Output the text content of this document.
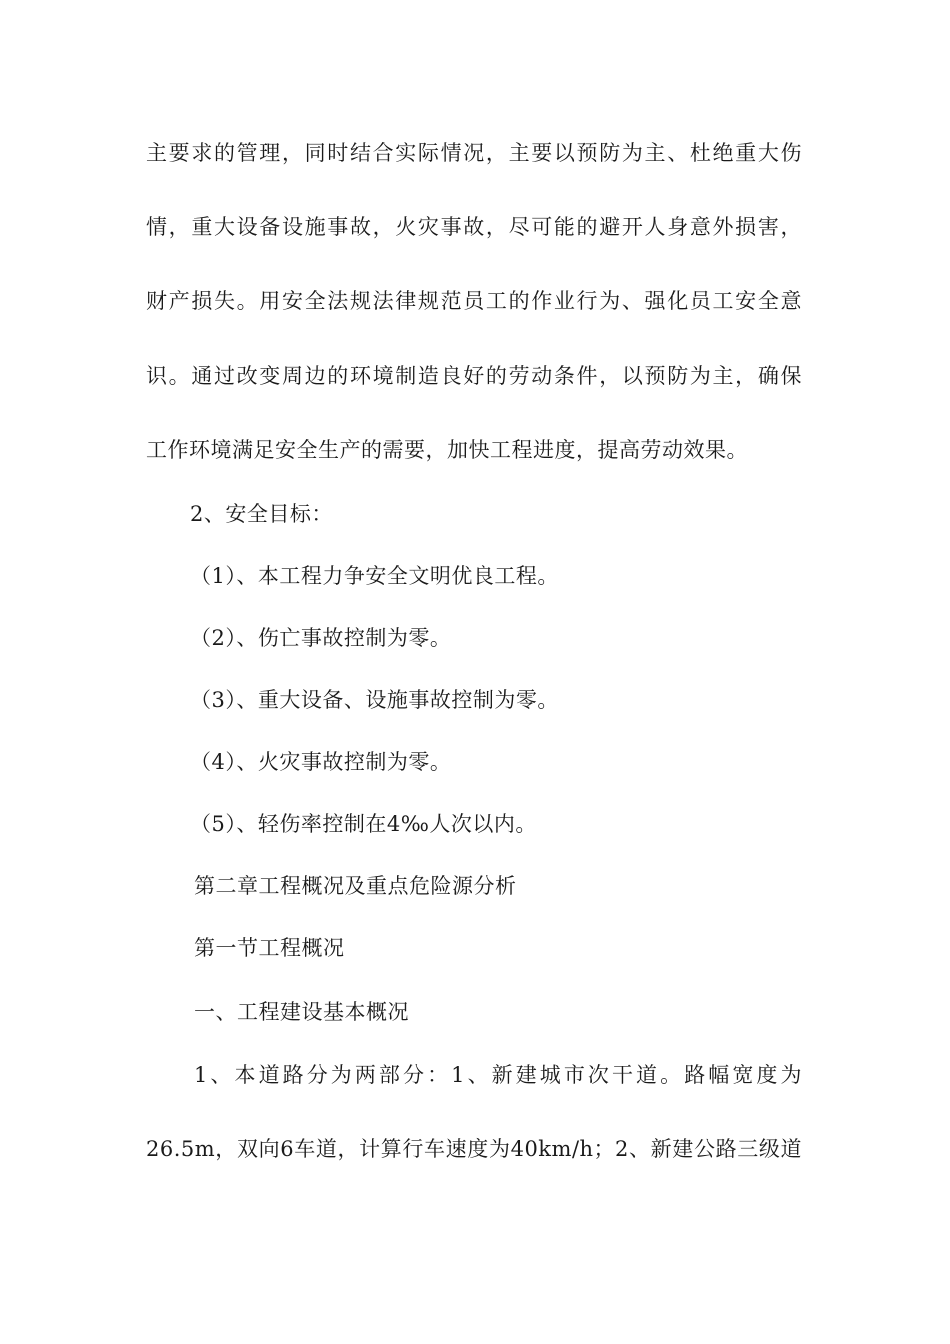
主要求的管理，同时结合实际情况，主要以预防为主、杜绝重大伤
情，重大设备设施事故，火灾事故，尽可能的避开人身意外损害，
财产损失。用安全法规法律规范员工的作业行为、强化员工安全意
识。通过改变周边的环境制造良好的劳动条件，以预防为主，确保
工作环境满足安全生产的需要，加快工程进度，提高劳动效果。
2、安全目标：
（1）、本工程力争安全文明优良工程。
（2）、伤亡事故控制为零。
（3）、重大设备、设施事故控制为零。
（4）、火灾事故控制为零。
（5）、轻伤率控制在4‰人次以内。
第二章工程概况及重点危险源分析
第一节工程概况
一、工程建设基本概况
1、本道路分为两部分：1、新建城市次干道。路幅宽度为
26.5m，双向6车道，计算行车速度为40km/h；2、新建公路三级道
